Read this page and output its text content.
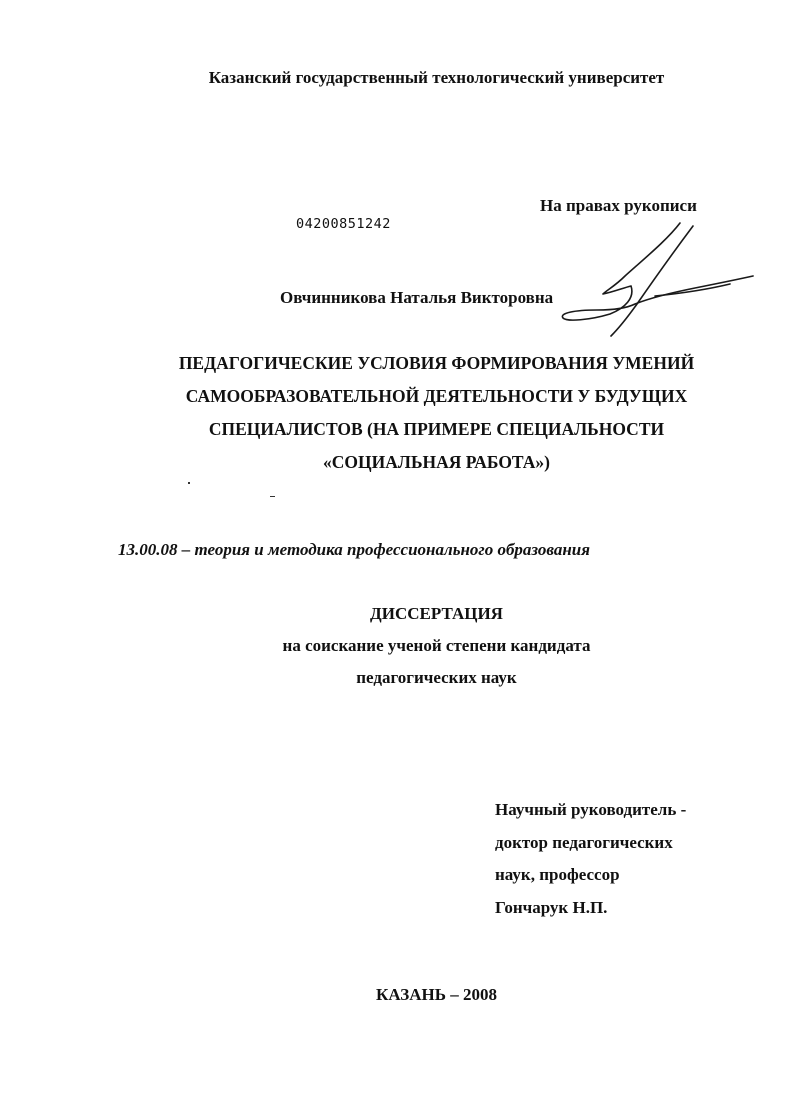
Казанский государственный технологический университет
На правах рукописи
04200851242
Овчинникова Наталья Викторовна
ПЕДАГОГИЧЕСКИЕ УСЛОВИЯ ФОРМИРОВАНИЯ УМЕНИЙ
САМООБРАЗОВАТЕЛЬНОЙ ДЕЯТЕЛЬНОСТИ У БУДУЩИХ
СПЕЦИАЛИСТОВ (НА ПРИМЕРЕ СПЕЦИАЛЬНОСТИ
«СОЦИАЛЬНАЯ РАБОТА»)
13.00.08 – теория и методика профессионального образования
ДИССЕРТАЦИЯ
на соискание ученой степени кандидата
педагогических наук
Научный руководитель -
доктор педагогических
наук, профессор
Гончарук Н.П.
КАЗАНЬ – 2008
